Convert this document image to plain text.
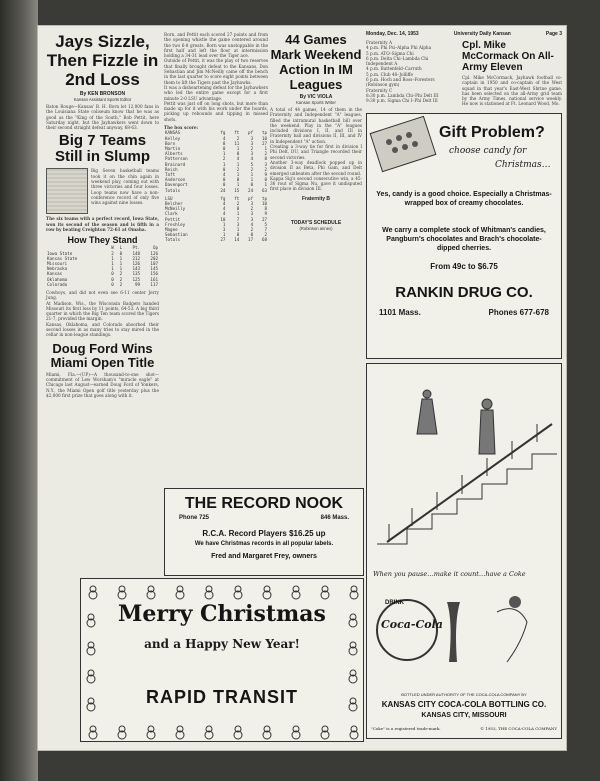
Monday, Dec. 14, 1953	University Daily Kansan	Page 3
Jays Sizzle, Then Fizzle in 2nd Loss
By KEN BRONSON
Kansan Assistant Sports Editor
Baton Rouge—Kansas' B. H. Born let 12,000 fans in the Louisiana State coliseum know that he was as good as the "King of the South," Bob Pettit, here Saturday night, but the Jayhawkers went down to their second straight defeat anyway, 68-63.
Big 7 Teams Still in Slump
Big Seven basketball teams took it on the chin again in weekend play, coming out with three victories and four losses. Loop teams now have a non-conference record of only five wins against nine losses.
The six teams with a perfect record, Iowa State, won its second of the season and is fifth in a row by beating Creighton 72-61 at Omaha.
How They Stand
	W	L	Pt.	Op
Iowa State	2	0	148	126
Kansas State	1	1	212	202
Missouri	1	1	126	107
Nebraska	1	1	143	145
Kansas	0	2	135	156
Oklahoma	0	2	125	161
Colorado	0	2	99	117
Cowboys, and did not even see 6-11 center Jerry Jung.
At Madison, Wis., the Wisconsin Badgers handed Missouri its first loss by 11 points, 64-53. A big third quarter in which the Big Ten team scored the Tigers 21-7, provided the margin.
Kansas, Oklahoma, and Colorado absorbed their second losses in as many tries to stay mired in the cellar in non-league standings.
Doug Ford Wins Miami Open Title
Miami, Fla.—(UP)—A thousand-to-one shot—commitment of Lew Worsham's "miracle eagle" at Chicago last August—earned Doug Ford of Yonkers, N.Y., the Miami Open golf title yesterday plus the $2,000 first prize that goes along with it.
Born, and Pettit each scored 27 points and from the opening whistle the game centered around the two 6-8 greats. Born was unstoppable in the first half and left the floor at intermission holding a 34-31 lead over the Tiger ace.
Outside of Pettit, it was the play of two reserves that finally brought defeat to the Kansans, Don Sebastian and Jim McNeilly came off the bench in the last quarter to score eight points between them to lift the Tigers past the Jayhawks.
It was a disheartening defeat for the Jayhawkers who led the entire game except for a first minute 2-0 LSU advantage.
Pettit was just off on long shots, but more than made up for it with his work under the boards, picking up rebounds and tipping in missed shots.
The box score:
KANSAS	fg	ft	pf	tp
Kelley	4	2	3	10
Born	8	11	3	27
Martin	0	1	2	1
Alberts	1	0	3	2
Patterson	2	4	4	8
Brainard	1	1	5	3
Reich	0	2	2	2
Taft	4	1	1	9
Anderson	0	0	1	0
Davenport	0	1	0	1
Totals	24	15	24	63
LSU	fg	ft	pf	tp
Belcher	4	2	3	10
McNeilly	4	0	2	8
Clark	4	1	3	9
Pettit	10	7	3	27
Freshley	1	3	4	5
Magee	3	1	2	7
Sebastian	1	0	0	2
Totals	27	14	17	68
44 Games Mark Weekend Action In IM Leagues
By VIC VIOLA
Kansan Sports Writer
A total of 44 games, 14 of them in the Fraternity and Independent "A" leagues, filled the intramural basketball bill over the weekend. Play in the "A" leagues included divisions I, II, and III in Fraternity ball and divisions II, III, and IV in Independent "A" action.
Creating a 3-way tie for first in division I Phi Delt, DU, and Triangle recorded their second victories.
Another 3-way deadlock popped up in division II as Beta, Phi Gam, and Delt emerged unbeaten after the second round.
Kappa Sig's second consecutive win, a 45-36 rout of Sigma Nu, gave it undisputed first place in division III.
Fraternity B
TODAY'S SCHEDULE
(Robinson annex)
THE RECORD NOOK
Phone 725	846 Mass.
R.C.A. Record Players $16.25 up
We have Christmas records in all popular labels.
Fred and Margaret Frey, owners
Merry Christmas
and a Happy New Year!
RAPID TRANSIT
Fraternity A
4 p.m. Phi Psi–Alpha Phi Alpha
5 p.m. ATO–Sigma Chi
6 p.m. Delta Chi–Lambda Chi
Independent A
4 p.m. Battenfeld–Carruth
5 p.m. Club 48–Jolliffe
6 p.m. Hoch and Ross–Foresters
(Robinson gym)
Fraternity C
8:30 p.m. Lambda Chi–Phi Delt III
9:30 p.m. Sigma Chi I–Phi Delt III
Cpl. Mike McCormack On All-Army Eleven
Cpl. Mike McCormack, Jayhawk football co-captain in 1950 and co-captain of the West squad in that year's East-West Shrine game, has been selected on the all-Army grid team by the Army Times, national service weekly. He now is stationed at Ft. Leonard Wood, Mo.
Gift Problem?
choose candy for
Christmas…
Yes, candy is a good choice. Especially a Christmas-wrapped box of creamy chocolates.
We carry a complete stock of Whitman's candies, Pangburn's chocolates and Brach's chocolate-dipped cherries.
From 49c to $6.75
RANKIN DRUG CO.
1101 Mass.	Phones 677-678
When you pause…make it count…have a Coke
DRINK
Coca-Cola
BOTTLED UNDER AUTHORITY OF THE COCA-COLA COMPANY BY
KANSAS CITY COCA-COLA BOTTLING CO.
KANSAS CITY, MISSOURI
"Coke" is a registered trade-mark.	© 1953, THE COCA-COLA COMPANY
